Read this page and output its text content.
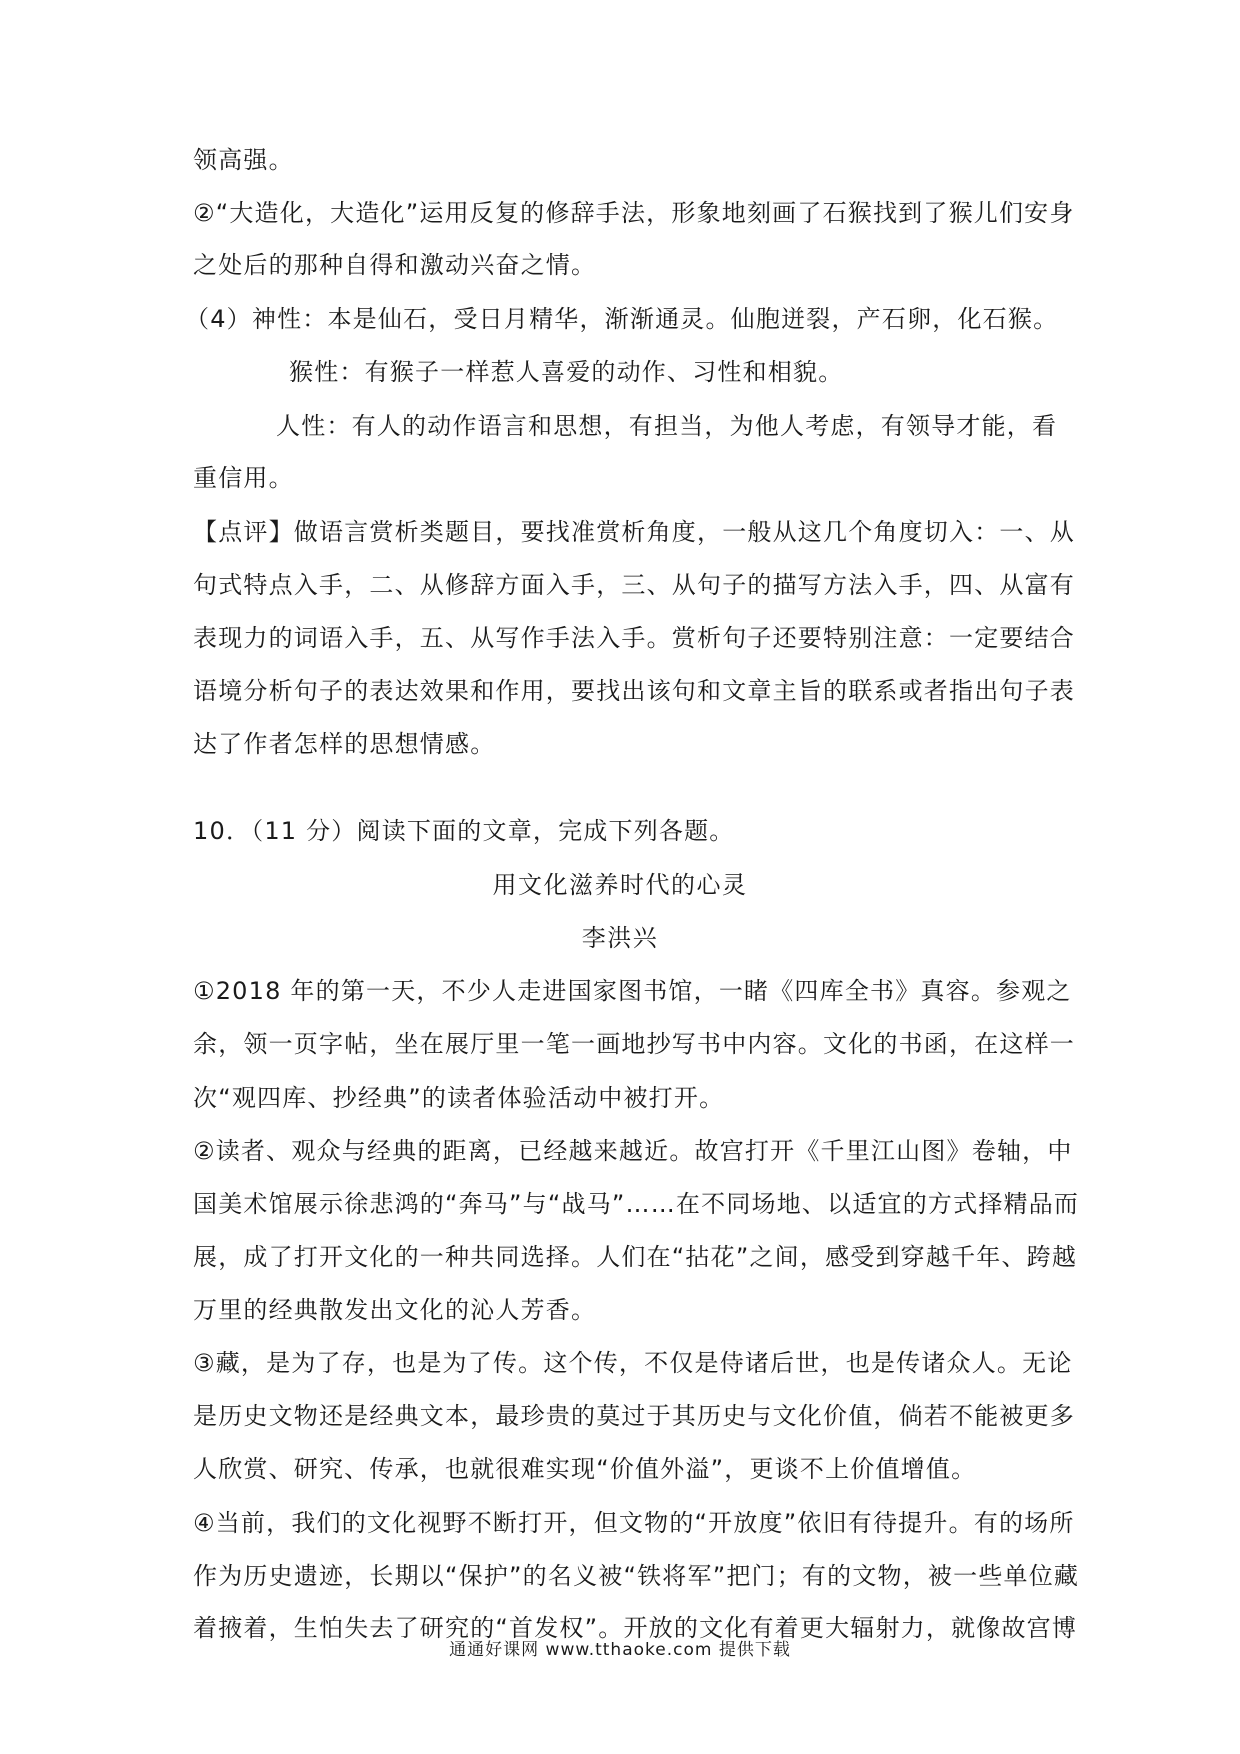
领高强。
②“大造化，大造化”运用反复的修辞手法，形象地刻画了石猴找到了猴儿们安身
之处后的那种自得和激动兴奋之情。
（4）神性：本是仙石，受日月精华，渐渐通灵。仙胞迸裂，产石卵，化石猴。
猴性：有猴子一样惹人喜爱的动作、习性和相貌。
人性：有人的动作语言和思想，有担当，为他人考虑，有领导才能，看
重信用。
【点评】做语言赏析类题目，要找准赏析角度，一般从这几个角度切入：一、从
句式特点入手，二、从修辞方面入手，三、从句子的描写方法入手，四、从富有
表现力的词语入手，五、从写作手法入手。赏析句子还要特别注意：一定要结合
语境分析句子的表达效果和作用，要找出该句和文章主旨的联系或者指出句子表
达了作者怎样的思想情感。
10．（11 分）阅读下面的文章，完成下列各题。
用文化滋养时代的心灵
李洪兴
①2018 年的第一天，不少人走进国家图书馆，一睹《四库全书》真容。参观之
余，领一页字帖，坐在展厅里一笔一画地抄写书中内容。文化的书函，在这样一
次“观四库、抄经典”的读者体验活动中被打开。
②读者、观众与经典的距离，已经越来越近。故宫打开《千里江山图》卷轴，中
国美术馆展示徐悲鸿的“奔马”与“战马”……在不同场地、以适宜的方式择精品而
展，成了打开文化的一种共同选择。人们在“拈花”之间，感受到穿越千年、跨越
万里的经典散发出文化的沁人芳香。
③藏，是为了存，也是为了传。这个传，不仅是侍诸后世，也是传诸众人。无论
是历史文物还是经典文本，最珍贵的莫过于其历史与文化价值，倘若不能被更多
人欣赏、研究、传承，也就很难实现“价值外溢”，更谈不上价值增值。
④当前，我们的文化视野不断打开，但文物的“开放度”依旧有待提升。有的场所
作为历史遗迹，长期以“保护”的名义被“铁将军”把门；有的文物，被一些单位藏
着掖着，生怕失去了研究的“首发权”。开放的文化有着更大辐射力，就像故宫博
通通好课网 www.tthaoke.com 提供下载
